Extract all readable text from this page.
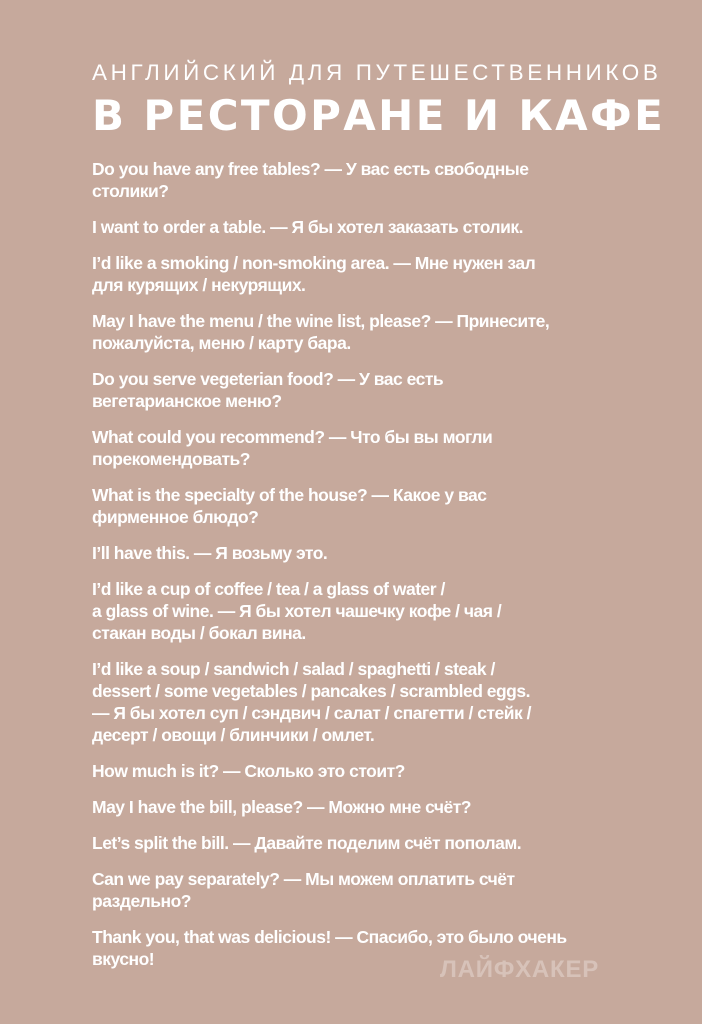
АНГЛИЙСКИЙ ДЛЯ ПУТЕШЕСТВЕННИКОВ
В РЕСТОРАНЕ И КАФЕ
Do you have any free tables? — У вас есть свободные
столики?
I want to order a table. — Я бы хотел заказать столик.
I’d like a smoking / non-smoking area. — Мне нужен зал
для курящих / некурящих.
May I have the menu / the wine list, please? — Принесите,
пожалуйста, меню / карту бара.
Do you serve vegeterian food? — У вас есть
вегетарианское меню?
What could you recommend? — Что бы вы могли
порекомендовать?
What is the specialty of the house? — Какое у вас
фирменное блюдо?
I’ll have this. — Я возьму это.
I’d like a cup of coffee / tea / a glass of water /
a glass of wine. — Я бы хотел чашечку кофе / чая /
стакан воды / бокал вина.
I’d like a soup / sandwich / salad / spaghetti / steak /
dessert / some vegetables / pancakes / scrambled eggs.
— Я бы хотел суп / сэндвич / салат / спагетти / стейк /
десерт / овощи / блинчики / омлет.
How much is it? — Сколько это стоит?
May I have the bill, please? — Можно мне счёт?
Let’s split the bill. — Давайте поделим счёт пополам.
Can we pay separately? — Мы можем оплатить счёт
раздельно?
Thank you, that was delicious! — Спасибо, это было очень
вкусно!	ЛАЙФХАКЕР
